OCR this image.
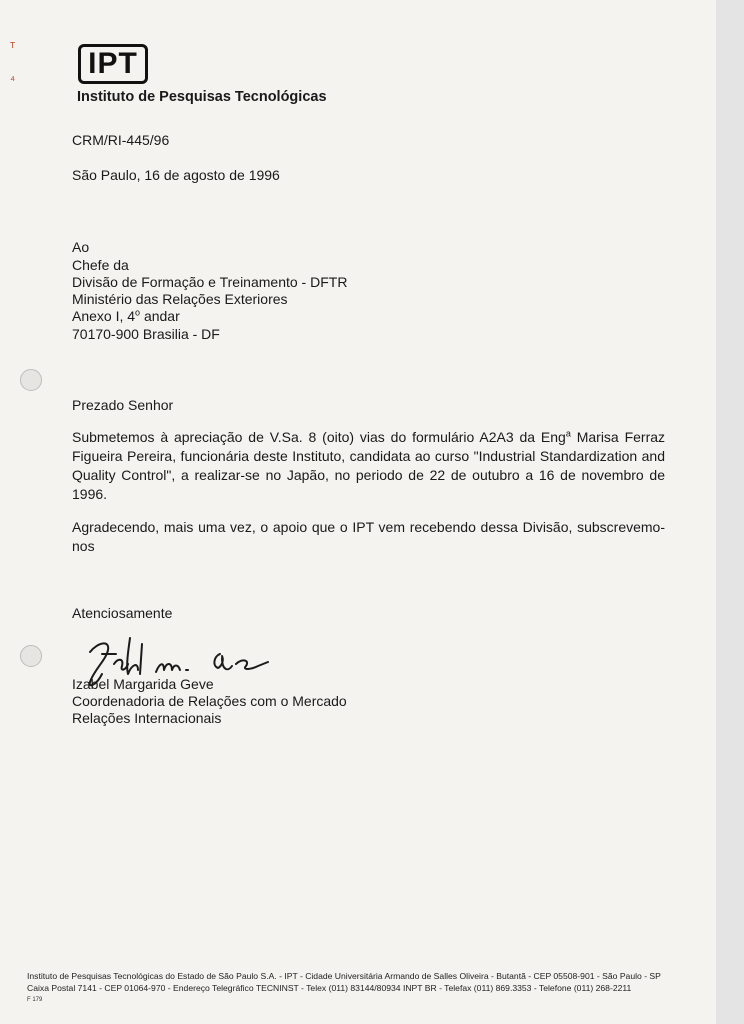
ᵀ
⁴ IPT
Instituto de Pesquisas Tecnológicas
CRM/RI-445/96
São Paulo, 16 de agosto de 1996
Ao
Chefe da
Divisão de Formação e Treinamento - DFTR
Ministério das Relações Exteriores
Anexo I, 4$^o$ andar
70170-900 Brasilia - DF
Prezado Senhor
Submetemos à apreciação de V.Sa. 8 (oito) vias do formulário A2A3 da Eng$^a$ Marisa Ferraz Figueira Pereira, funcionária deste Instituto, candidata ao curso "Industrial Standardization and Quality Control", a realizar-se no Japão, no periodo de 22 de outubro a 16 de novembro de 1996.
Agradecendo, mais uma vez, o apoio que o IPT vem recebendo dessa Divisão, subscrevemo-nos
Atenciosamente
Izabel Margarida Geve
Coordenadoria de Relações com o Mercado
Relações Internacionais
Instituto de Pesquisas Tecnológicas do Estado de São Paulo S.A. - IPT - Cidade Universitária Armando de Salles Oliveira - Butantã - CEP 05508-901 - São Paulo - SP
Caixa Postal 7141 - CEP 01064-970 - Endereço Telegráfico TECNINST - Telex (011) 83144/80934 INPT BR - Telefax (011) 869.3353 - Telefone (011) 268-2211
F 179
